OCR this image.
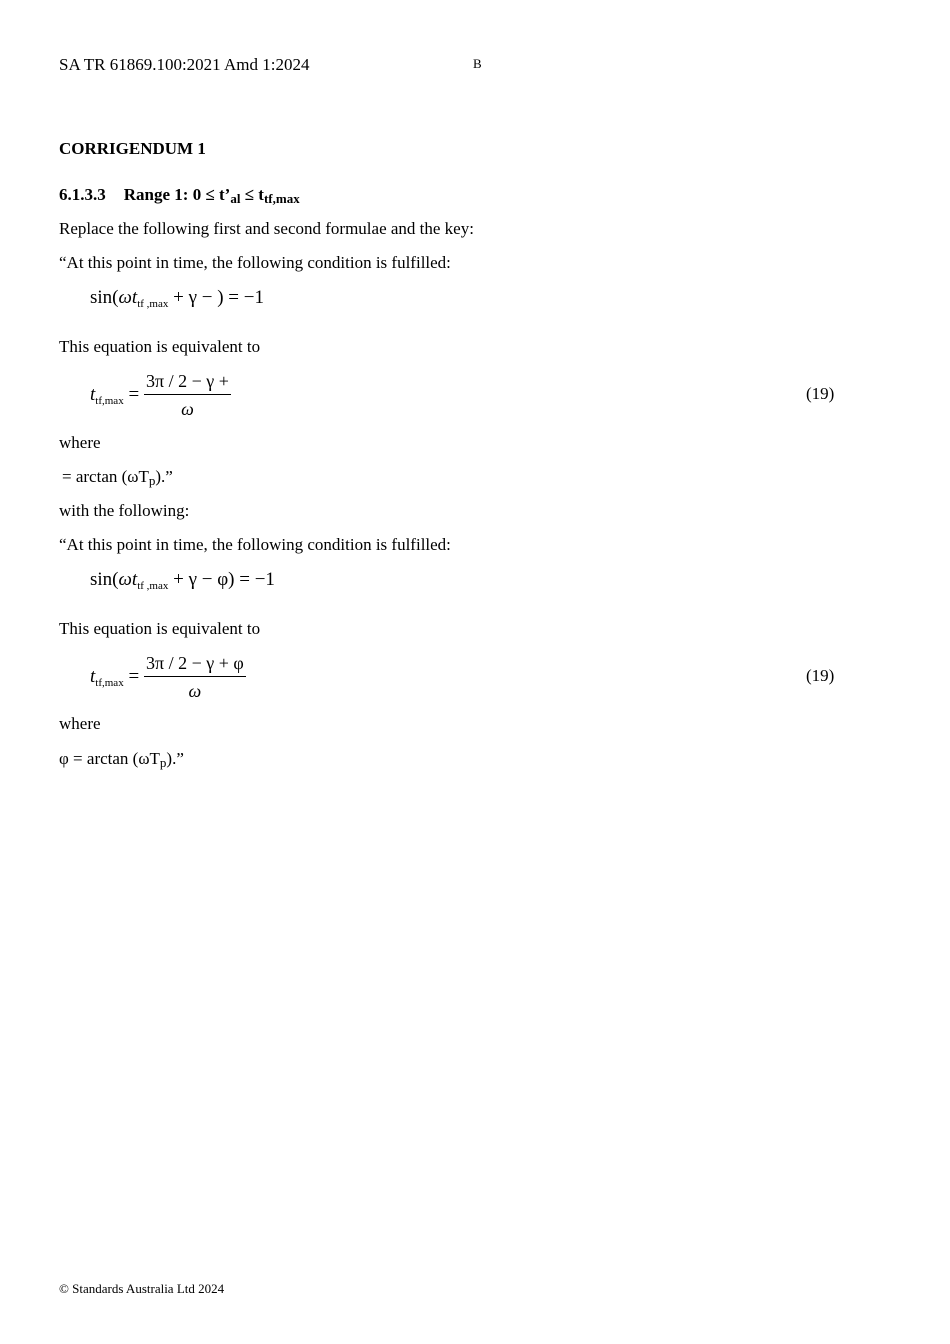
SA TR 61869.100:2021 Amd 1:2024	B
CORRIGENDUM 1
6.1.3.3 Range 1: 0 ≤ t’al ≤ ttf,max
Replace the following first and second formulae and the key:
“At this point in time, the following condition is fulfilled:
$\sin(\omega t_{tf ,max} + \gamma$ − ) = −1
This equation is equivalent to
$t_{tf,max} = \frac{3\pi / 2 - \gamma +}{\omega}$	(19)
where
= arctan (ωTp).”
with the following:
“At this point in time, the following condition is fulfilled:
$\sin(\omega t_{tf ,max} + \gamma - \varphi) = -1$
This equation is equivalent to
$t_{tf,max} = \frac{3\pi / 2 - \gamma + \varphi}{\omega}$	(19)
where
φ = arctan (ωTp).”
© Standards Australia Ltd 2024
